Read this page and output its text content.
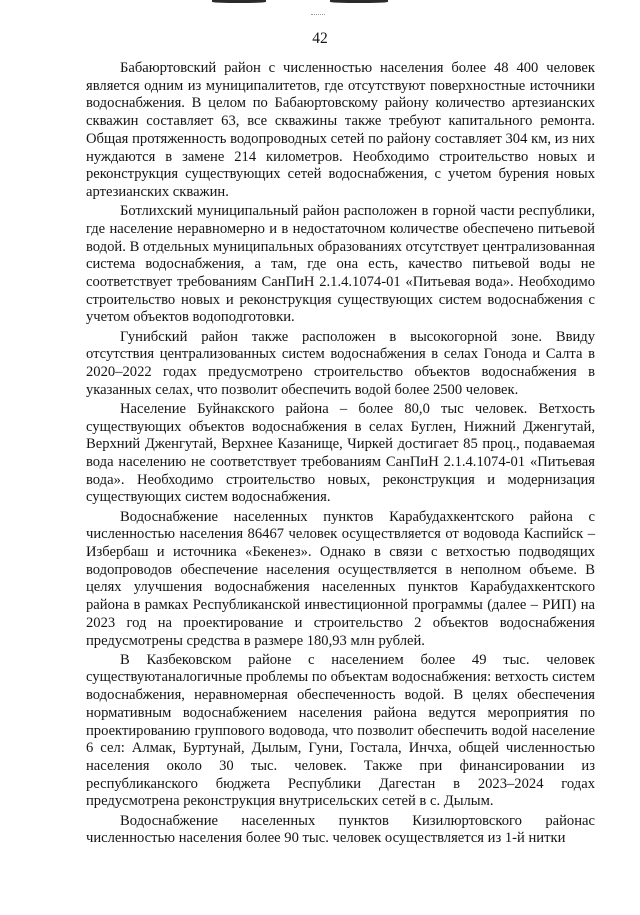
42

Бабаюртовский район с численностью населения более 48 400 человек является одним из муниципалитетов, где отсутствуют поверхностные источники водоснабжения. В целом по Бабаюртовскому району количество артезианских скважин составляет 63, все скважины также требуют капитального ремонта. Общая протяженность водопроводных сетей по району составляет 304 км, из них нуждаются в замене 214 километров. Необходимо строительство новых и реконструкция существующих сетей водоснабжения, с учетом бурения новых артезианских скважин.

Ботлихский муниципальный район расположен в горной части республики, где население неравномерно и в недостаточном количестве обеспечено питьевой водой. В отдельных муниципальных образованиях отсутствует централизованная система водоснабжения, а там, где она есть, качество питьевой воды не соответствует требованиям СанПиН 2.1.4.1074-01 «Питьевая вода». Необходимо строительство новых и реконструкция существующих систем водоснабжения с учетом объектов водоподготовки.

Гунибский район также расположен в высокогорной зоне. Ввиду отсутствия централизованных систем водоснабжения в селах Гонода и Салта в 2020–2022 годах предусмотрено строительство объектов водоснабжения в указанных селах, что позволит обеспечить водой более 2500 человек.

Население Буйнакского района – более 80,0 тыс человек. Ветхость существующих объектов водоснабжения в селах Буглен, Нижний Дженгутай, Верхний Дженгутай, Верхнее Казанище, Чиркей достигает 85 проц., подаваемая вода населению не соответствует требованиям СанПиН 2.1.4.1074-01 «Питьевая вода». Необходимо строительство новых, реконструкция и модернизация существующих систем водоснабжения.

Водоснабжение населенных пунктов Карабудахкентского района с численностью населения 86467 человек осуществляется от водовода Каспийск – Избербаш и источника «Бекенез». Однако в связи с ветхостью подводящих водопроводов обеспечение населения осуществляется в неполном объеме. В целях улучшения водоснабжения населенных пунктов Карабудахкентского района в рамках Республиканской инвестиционной программы (далее – РИП) на 2023 год на проектирование и строительство 2 объектов водоснабжения предусмотрены средства в размере 180,93 млн рублей.

В Казбековском районе с населением более 49 тыс. человек существуютаналогичные проблемы по объектам водоснабжения: ветхость систем водоснабжения, неравномерная обеспеченность водой. В целях обеспечения нормативным водоснабжением населения района ведутся мероприятия по проектированию группового водовода, что позволит обеспечить водой население 6 сел: Алмак, Буртунай, Дылым, Гуни, Гостала, Инчха, общей численностью населения около 30 тыс. человек. Также при финансировании из республиканского бюджета Республики Дагестан в 2023–2024 годах предусмотрена реконструкция внутрисельских сетей в с. Дылым.

Водоснабжение населенных пунктов Кизилюртовского районас численностью населения более 90 тыс. человек осуществляется из 1-й нитки
